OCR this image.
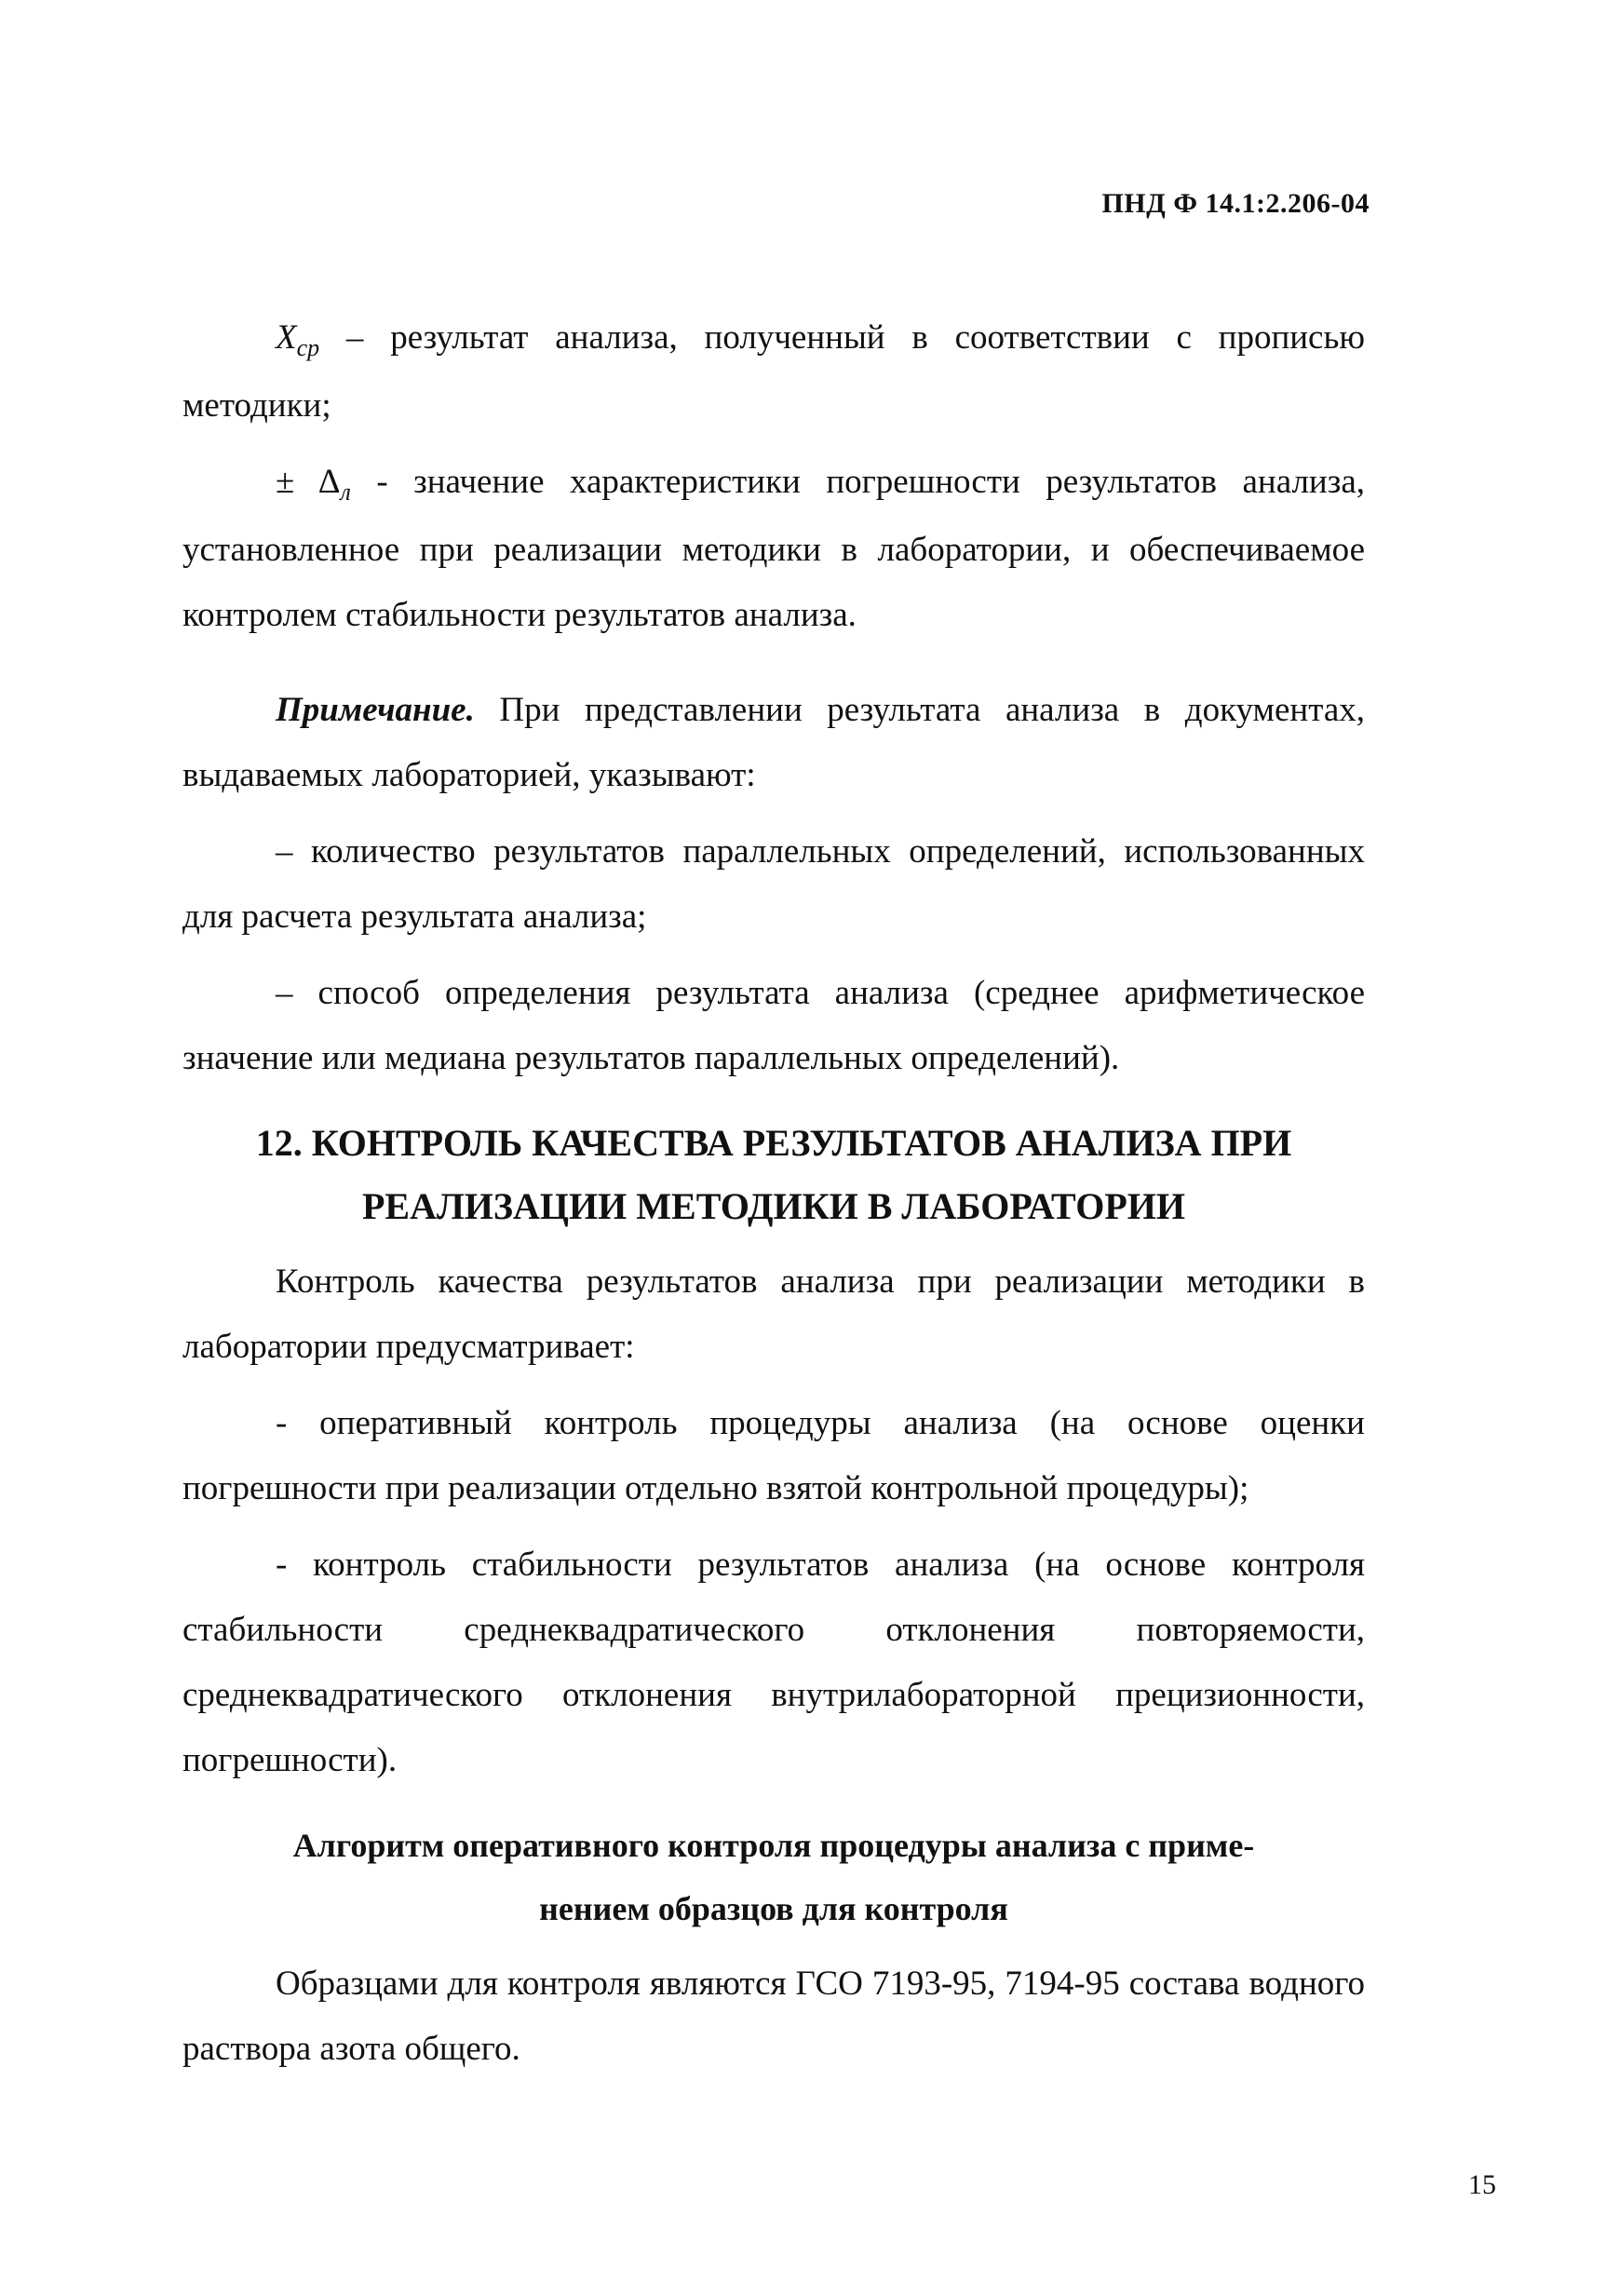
ПНД Ф 14.1:2.206-04

$X_{ср}$ – результат анализа, полученный в соответствии с прописью методики;

± $\Delta_л$ - значение характеристики погрешности результатов анализа, установленное при реализации методики в лаборатории, и обеспечиваемое контролем стабильности результатов анализа.

Примечание. При представлении результата анализа в документах, выдаваемых лабораторией, указывают:

– количество результатов параллельных определений, использованных для расчета результата анализа;

– способ определения результата анализа (среднее арифметическое значение или медиана результатов параллельных определений).

12. КОНТРОЛЬ КАЧЕСТВА РЕЗУЛЬТАТОВ АНАЛИЗА ПРИ
РЕАЛИЗАЦИИ МЕТОДИКИ В ЛАБОРАТОРИИ

Контроль качества результатов анализа при реализации методики в лаборатории предусматривает:

- оперативный контроль процедуры анализа (на основе оценки погрешности при реализации отдельно взятой контрольной процедуры);

- контроль стабильности результатов анализа (на основе контроля стабильности среднеквадратического отклонения повторяемости, среднеквадратического отклонения внутрилабораторной прецизионности, погрешности).

Алгоритм оперативного контроля процедуры анализа с приме-
нением образцов для контроля

Образцами для контроля являются ГСО 7193-95, 7194-95 состава водного раствора азота общего.

15
